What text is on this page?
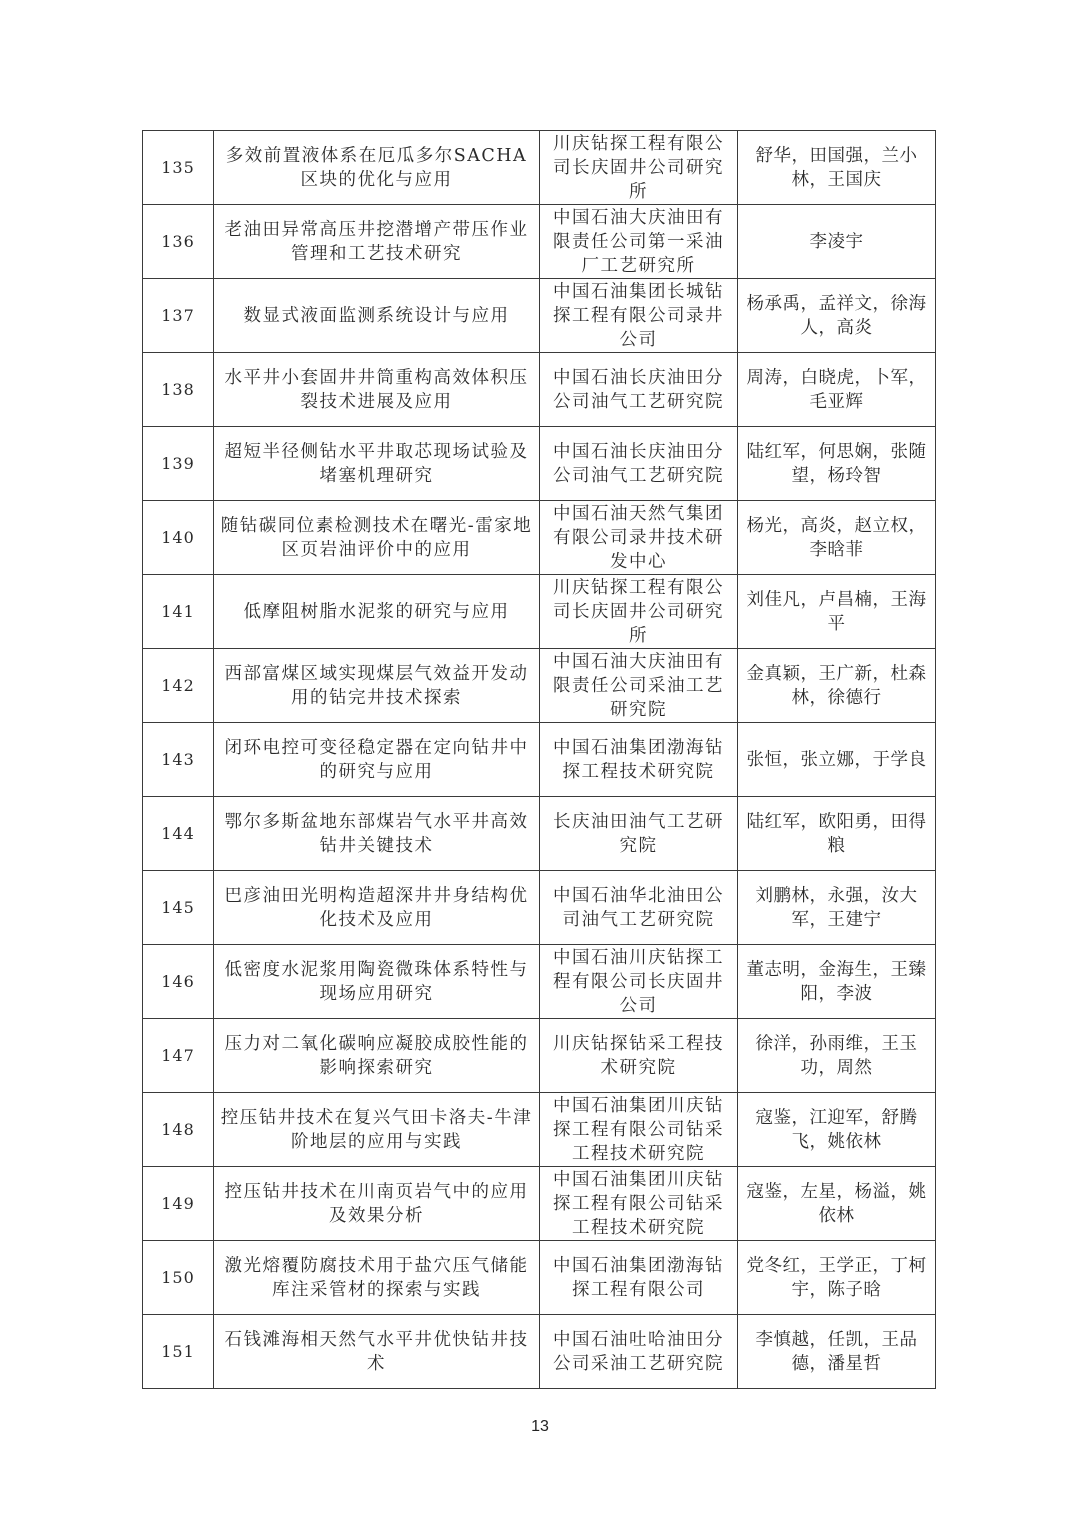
135	多效前置液体系在厄瓜多尔SACHA区块的优化与应用	川庆钻探工程有限公司长庆固井公司研究所	舒华，田国强，兰小林，王国庆
136	老油田异常高压井挖潜增产带压作业管理和工艺技术研究	中国石油大庆油田有限责任公司第一采油厂工艺研究所	李凌宇
137	数显式液面监测系统设计与应用	中国石油集团长城钻探工程有限公司录井公司	杨承禹，孟祥文，徐海人，高炎
138	水平井小套固井井筒重构高效体积压裂技术进展及应用	中国石油长庆油田分公司油气工艺研究院	周涛，白晓虎，卜军，毛亚辉
139	超短半径侧钻水平井取芯现场试验及堵塞机理研究	中国石油长庆油田分公司油气工艺研究院	陆红军，何思娴，张随望，杨玲智
140	随钻碳同位素检测技术在曙光-雷家地区页岩油评价中的应用	中国石油天然气集团有限公司录井技术研发中心	杨光，高炎，赵立权，李晗菲
141	低摩阻树脂水泥浆的研究与应用	川庆钻探工程有限公司长庆固井公司研究所	刘佳凡，卢昌楠，王海平
142	西部富煤区域实现煤层气效益开发动用的钻完井技术探索	中国石油大庆油田有限责任公司采油工艺研究院	金真颖，王广新，杜森林，徐德行
143	闭环电控可变径稳定器在定向钻井中的研究与应用	中国石油集团渤海钻探工程技术研究院	张恒，张立娜，于学良
144	鄂尔多斯盆地东部煤岩气水平井高效钻井关键技术	长庆油田油气工艺研究院	陆红军，欧阳勇，田得粮
145	巴彦油田光明构造超深井井身结构优化技术及应用	中国石油华北油田公司油气工艺研究院	刘鹏林，永强，汝大军，王建宁
146	低密度水泥浆用陶瓷微珠体系特性与现场应用研究	中国石油川庆钻探工程有限公司长庆固井公司	董志明，金海生，王臻阳，李波
147	压力对二氧化碳响应凝胶成胶性能的影响探索研究	川庆钻探钻采工程技术研究院	徐洋，孙雨维，王玉功，周然
148	控压钻井技术在复兴气田卡洛夫-牛津阶地层的应用与实践	中国石油集团川庆钻探工程有限公司钻采工程技术研究院	寇鉴，江迎军，舒腾飞，姚依林
149	控压钻井技术在川南页岩气中的应用及效果分析	中国石油集团川庆钻探工程有限公司钻采工程技术研究院	寇鉴，左星，杨溢，姚依林
150	激光熔覆防腐技术用于盐穴压气储能库注采管材的探索与实践	中国石油集团渤海钻探工程有限公司	党冬红，王学正，丁柯宇，陈子晗
151	石钱滩海相天然气水平井优快钻井技术	中国石油吐哈油田分公司采油工艺研究院	李慎越，任凯，王品德，潘星哲
13
